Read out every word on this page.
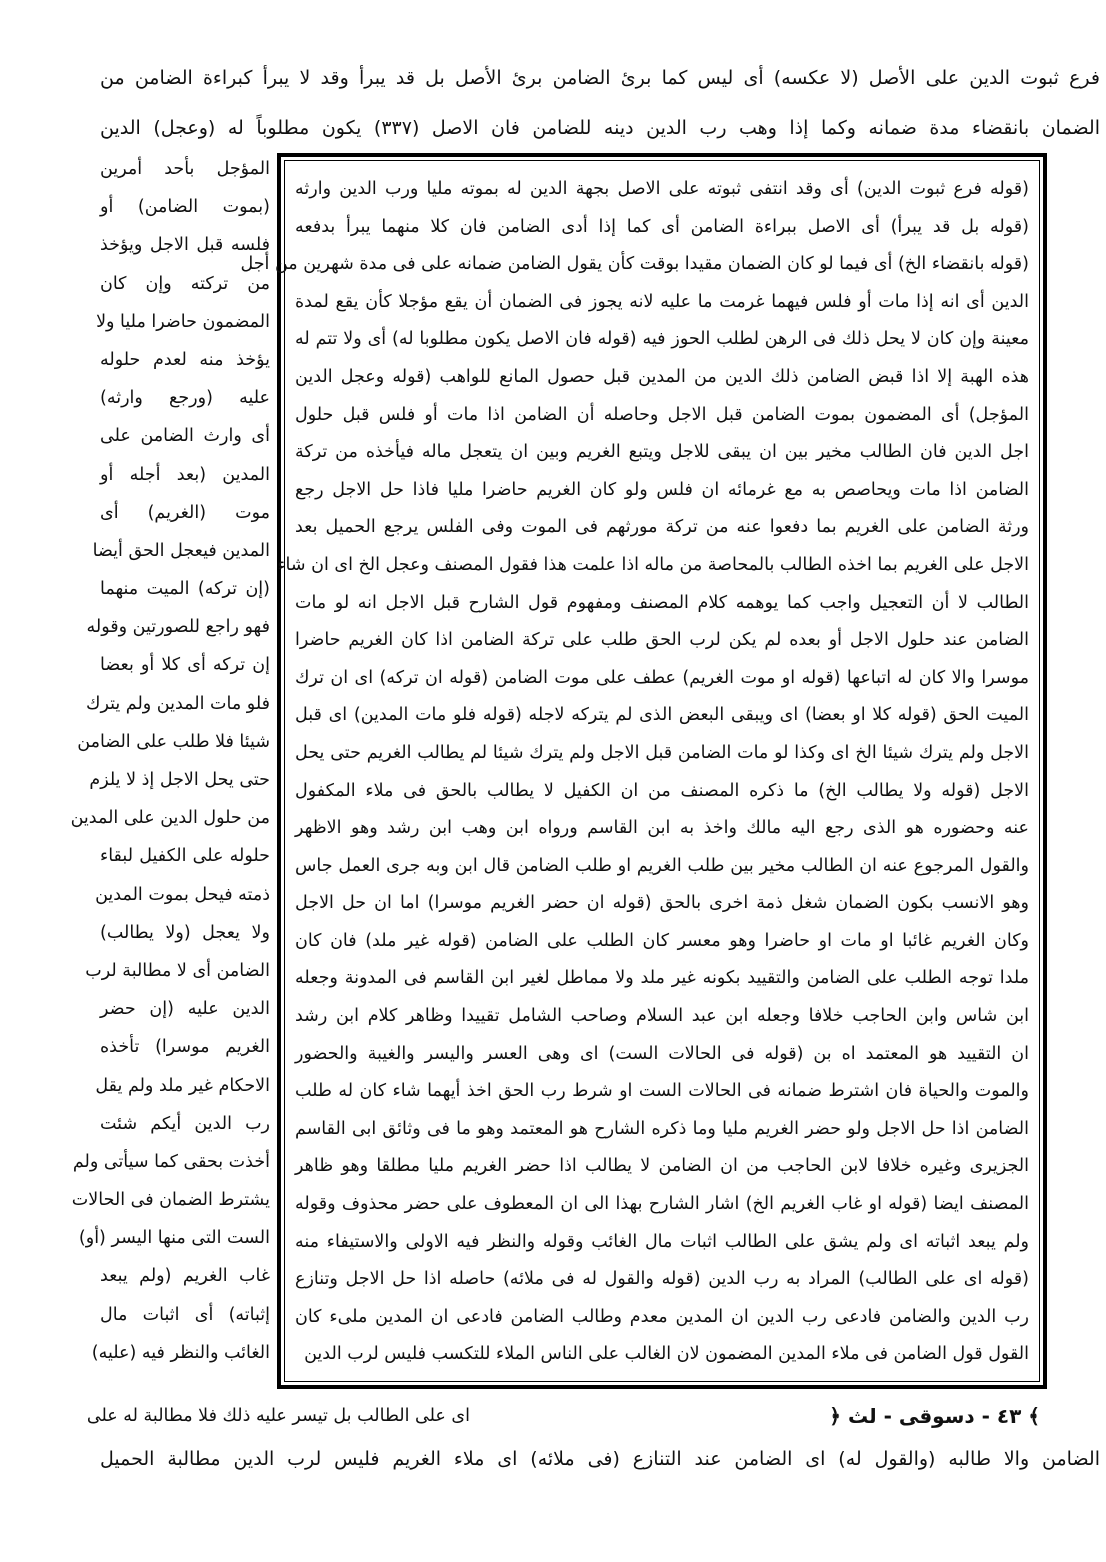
فرع ثبوت الدين على الأصل (لا عكسه) أى ليس كما برئ الضامن برئ الأصل بل قد يبرأ وقد لا يبرأ كبراءة الضامن من
الضمان بانقضاء مدة ضمانه وكما إذا وهب رب الدين دينه للضامن فان الاصل (٣٣٧) يكون مطلوباً له (وعجل) الدين
(قوله فرع ثبوت الدين) أى وقد انتفى ثبوته على الاصل بجهة الدين له بموته مليا ورب الدين وارثه
(قوله بل قد يبرأ) أى الاصل ببراءة الضامن أى كما إذا أدى الضامن فان كلا منهما يبرأ بدفعه
(قوله بانقضاء الخ) أى فيما لو كان الضمان مقيدا بوقت كأن يقول الضامن ضمانه على فى مدة شهرين من أجل
الدين أى انه إذا مات أو فلس فيهما غرمت ما عليه لانه يجوز فى الضمان أن يقع مؤجلا كأن يقع لمدة
معينة وإن كان لا يحل ذلك فى الرهن لطلب الحوز فيه (قوله فان الاصل يكون مطلوبا له) أى ولا تتم له
هذه الهبة إلا اذا قبض الضامن ذلك الدين من المدين قبل حصول المانع للواهب (قوله وعجل الدين
المؤجل) أى المضمون بموت الضامن قبل الاجل وحاصله أن الضامن اذا مات أو فلس قبل حلول
اجل الدين فان الطالب مخير بين ان يبقى للاجل ويتبع الغريم وبين ان يتعجل ماله فيأخذه من تركة
الضامن اذا مات ويحاصص به مع غرمائه ان فلس ولو كان الغريم حاضرا مليا فاذا حل الاجل رجع
ورثة الضامن على الغريم بما دفعوا عنه من تركة مورثهم فى الموت وفى الفلس يرجع الحميل بعد
الاجل على الغريم بما اخذه الطالب بالمحاصة من ماله اذا علمت هذا فقول المصنف وعجل الخ اى ان شاء
الطالب لا أن التعجيل واجب كما يوهمه كلام المصنف ومفهوم قول الشارح قبل الاجل انه لو مات
الضامن عند حلول الاجل أو بعده لم يكن لرب الحق طلب على تركة الضامن اذا كان الغريم حاضرا
موسرا والا كان له اتباعها (قوله او موت الغريم) عطف على موت الضامن (قوله ان تركه) اى ان ترك
الميت الحق (قوله كلا او بعضا) اى ويبقى البعض الذى لم يتركه لاجله (قوله فلو مات المدين) اى قبل
الاجل ولم يترك شيئا الخ اى وكذا لو مات الضامن قبل الاجل ولم يترك شيئا لم يطالب الغريم حتى يحل
الاجل (قوله ولا يطالب الخ) ما ذكره المصنف من ان الكفيل لا يطالب بالحق فى ملاء المكفول
عنه وحضوره هو الذى رجع اليه مالك واخذ به ابن القاسم ورواه ابن وهب ابن رشد وهو الاظهر
والقول المرجوع عنه ان الطالب مخير بين طلب الغريم او طلب الضامن قال ابن وبه جرى العمل جاس
وهو الانسب بكون الضمان شغل ذمة اخرى بالحق (قوله ان حضر الغريم موسرا) اما ان حل الاجل
وكان الغريم غائبا او مات او حاضرا وهو معسر كان الطلب على الضامن (قوله غير ملد) فان كان
ملدا توجه الطلب على الضامن والتقييد بكونه غير ملد ولا مماطل لغير ابن القاسم فى المدونة وجعله
ابن شاس وابن الحاجب خلافا وجعله ابن عبد السلام وصاحب الشامل تقييدا وظاهر كلام ابن رشد
ان التقييد هو المعتمد اه بن (قوله فى الحالات الست) اى وهى العسر واليسر والغيبة والحضور
والموت والحياة فان اشترط ضمانه فى الحالات الست او شرط رب الحق اخذ أيهما شاء كان له طلب
الضامن اذا حل الاجل ولو حضر الغريم مليا وما ذكره الشارح هو المعتمد وهو ما فى وثائق ابى القاسم
الجزيرى وغيره خلافا لابن الحاجب من ان الضامن لا يطالب اذا حضر الغريم مليا مطلقا وهو ظاهر
المصنف ايضا (قوله او غاب الغريم الخ) اشار الشارح بهذا الى ان المعطوف على حضر محذوف وقوله
ولم يبعد اثباته اى ولم يشق على الطالب اثبات مال الغائب وقوله والنظر فيه الاولى والاستيفاء منه
(قوله اى على الطالب) المراد به رب الدين (قوله والقول له فى ملائه) حاصله اذا حل الاجل وتنازع
رب الدين والضامن فادعى رب الدين ان المدين معدم وطالب الضامن فادعى ان المدين ملىء كان
القول قول الضامن فى ملاء المدين المضمون لان الغالب على الناس الملاء للتكسب فليس لرب الدين
المؤجل بأحد أمرين
(بموت الضامن) أو
فلسه قبل الاجل ويؤخذ
من تركته وإن كان
المضمون حاضرا مليا ولا
يؤخذ منه لعدم حلوله
عليه (ورجع وارثه)
أى وارث الضامن على
المدين (بعد أجله أو
موت (الغريم) أى
المدين فيعجل الحق أيضا
(إن تركه) الميت منهما
فهو راجع للصورتين وقوله
إن تركه أى كلا أو بعضا
فلو مات المدين ولم يترك
شيئا فلا طلب على الضامن
حتى يحل الاجل إذ لا يلزم
من حلول الدين على المدين
حلوله على الكفيل لبقاء
ذمته فيحل بموت المدين
ولا يعجل (ولا يطالب)
الضامن أى لا مطالبة لرب
الدين عليه (إن حضر
الغريم موسرا) تأخذه
الاحكام غير ملد ولم يقل
رب الدين أيكم شئت
أخذت بحقى كما سيأتى ولم
يشترط الضمان فى الحالات
الست التى منها اليسر (أو)
غاب الغريم (ولم يبعد
إثباته) أى اثبات مال
الغائب والنظر فيه (عليه)
﴾ ٤٣ - دسوقى - لث ﴿
اى على الطالب بل تيسر عليه ذلك فلا مطالبة له على
الضامن والا طالبه (والقول له) اى الضامن عند التنازع (فى ملائه) اى ملاء الغريم فليس لرب الدين مطالبة الحميل
